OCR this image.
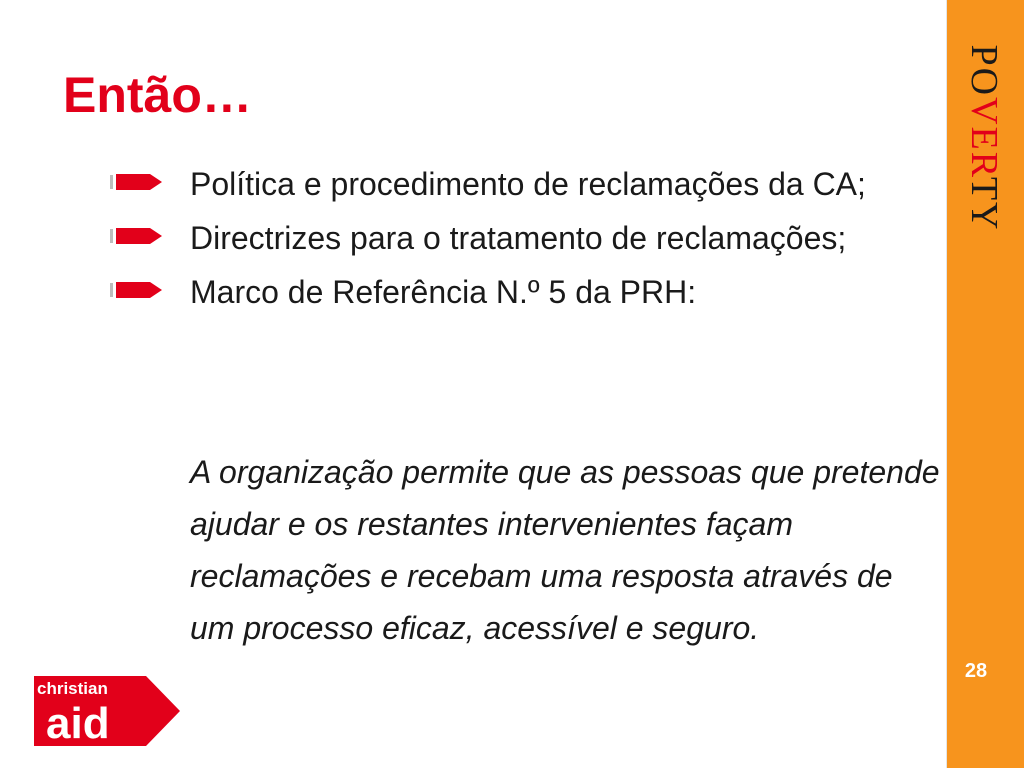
Então…
Política e procedimento de reclamações da CA;
Directrizes para o tratamento de reclamações;
Marco de Referência N.º 5 da PRH:

A organização permite que as pessoas que pretende ajudar e os restantes intervenientes façam reclamações e recebam uma resposta através de um processo eficaz, acessível e seguro.

christian
aid
POVERTY
28
